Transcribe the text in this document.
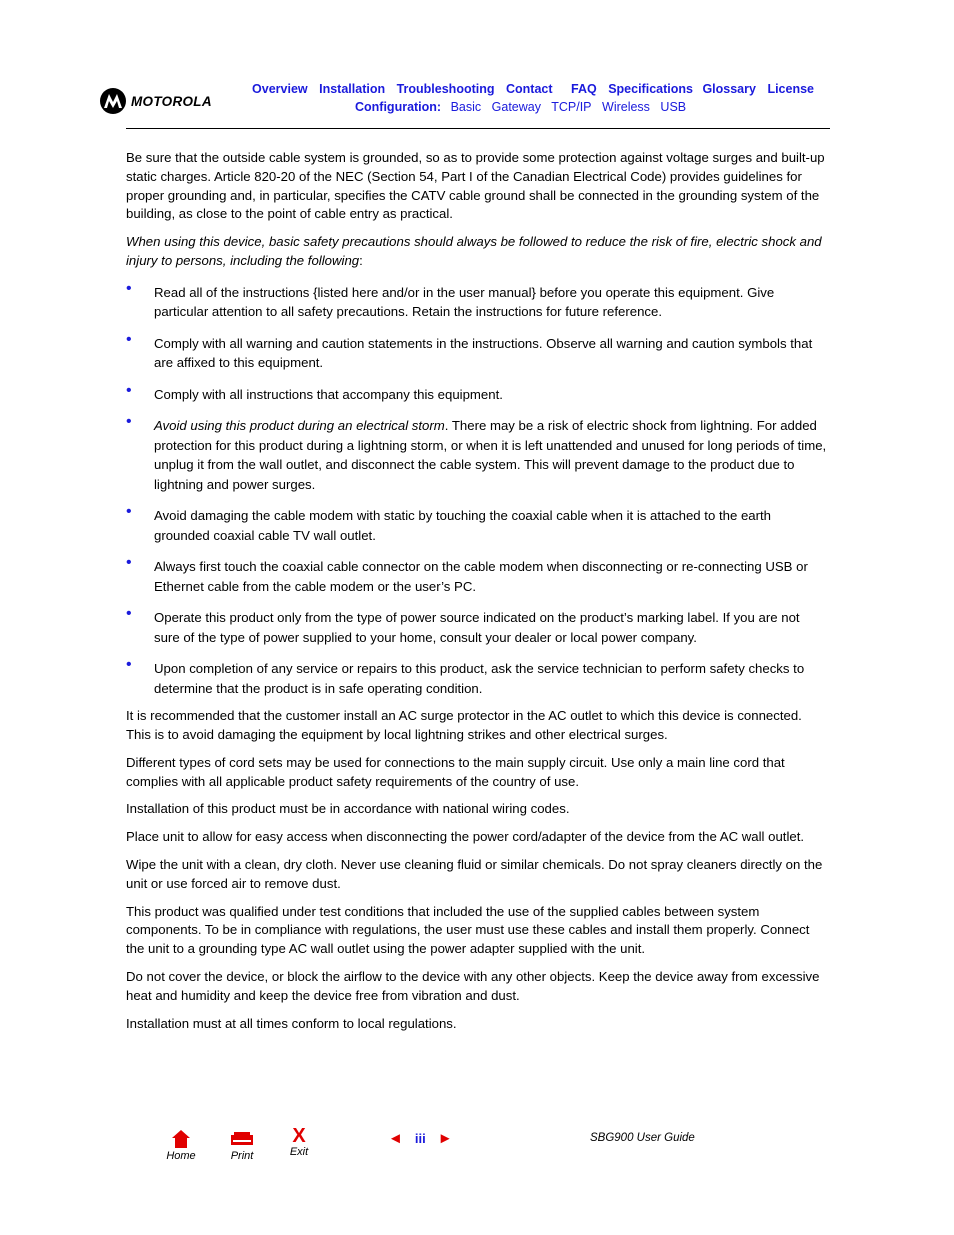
MOTOROLA
Overview Installation Troubleshooting Contact FAQ Specifications Glossary License
Configuration: Basic Gateway TCP/IP Wireless USB

Be sure that the outside cable system is grounded, so as to provide some protection against voltage surges and built-up static charges. Article 820-20 of the NEC (Section 54, Part I of the Canadian Electrical Code) provides guidelines for proper grounding and, in particular, specifies the CATV cable ground shall be connected in the grounding system of the building, as close to the point of cable entry as practical.

When using this device, basic safety precautions should always be followed to reduce the risk of fire, electric shock and injury to persons, including the following:

• Read all of the instructions {listed here and/or in the user manual} before you operate this equipment. Give particular attention to all safety precautions. Retain the instructions for future reference.
• Comply with all warning and caution statements in the instructions. Observe all warning and caution symbols that are affixed to this equipment.
• Comply with all instructions that accompany this equipment.
• Avoid using this product during an electrical storm. There may be a risk of electric shock from lightning. For added protection for this product during a lightning storm, or when it is left unattended and unused for long periods of time, unplug it from the wall outlet, and disconnect the cable system. This will prevent damage to the product due to lightning and power surges.
• Avoid damaging the cable modem with static by touching the coaxial cable when it is attached to the earth grounded coaxial cable TV wall outlet.
• Always first touch the coaxial cable connector on the cable modem when disconnecting or re-connecting USB or Ethernet cable from the cable modem or the user’s PC.
• Operate this product only from the type of power source indicated on the product’s marking label. If you are not sure of the type of power supplied to your home, consult your dealer or local power company.
• Upon completion of any service or repairs to this product, ask the service technician to perform safety checks to determine that the product is in safe operating condition.

It is recommended that the customer install an AC surge protector in the AC outlet to which this device is connected. This is to avoid damaging the equipment by local lightning strikes and other electrical surges.

Different types of cord sets may be used for connections to the main supply circuit. Use only a main line cord that complies with all applicable product safety requirements of the country of use.

Installation of this product must be in accordance with national wiring codes.

Place unit to allow for easy access when disconnecting the power cord/adapter of the device from the AC wall outlet.

Wipe the unit with a clean, dry cloth. Never use cleaning fluid or similar chemicals. Do not spray cleaners directly on the unit or use forced air to remove dust.

This product was qualified under test conditions that included the use of the supplied cables between system components. To be in compliance with regulations, the user must use these cables and install them properly. Connect the unit to a grounding type AC wall outlet using the power adapter supplied with the unit.

Do not cover the device, or block the airflow to the device with any other objects. Keep the device away from excessive heat and humidity and keep the device free from vibration and dust.

Installation must at all times conform to local regulations.

Home	Print
X
Exit
◄ iii ►	SBG900 User Guide
